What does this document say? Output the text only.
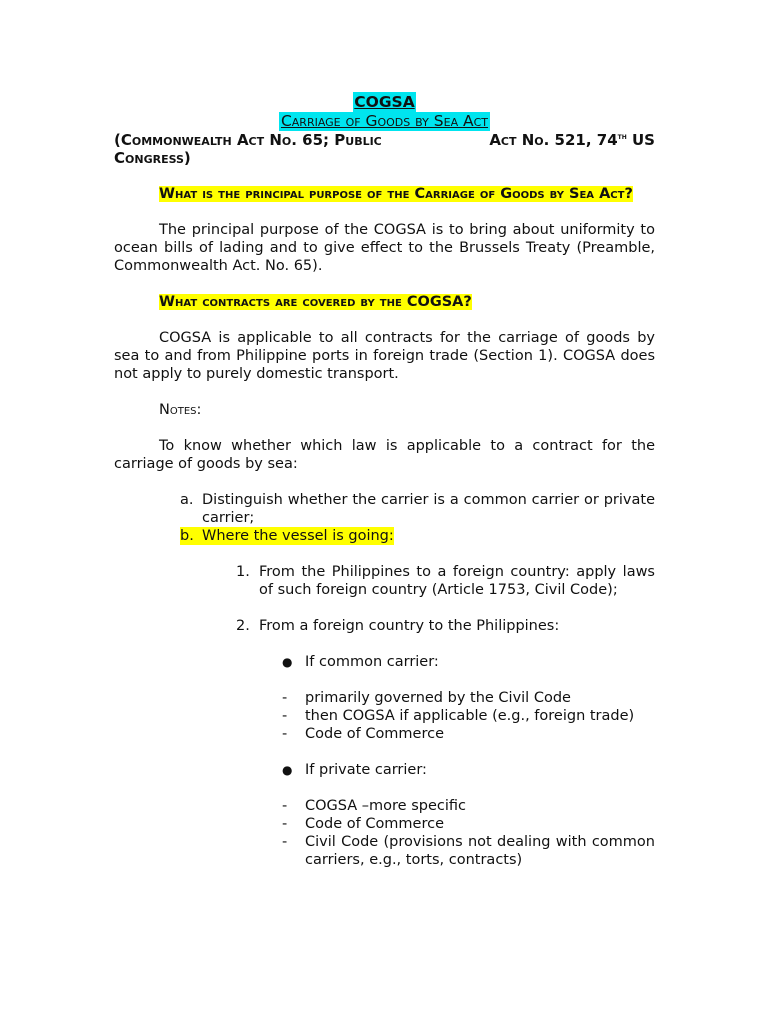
COGSA
Carriage of Goods by Sea Act
(Commonwealth Act No. 65; Public	Act No. 521, 74th US
Congress)
What is the principal purpose of the Carriage of Goods by Sea Act?
The principal purpose of the COGSA is to bring about uniformity to ocean bills of lading and to give effect to the Brussels Treaty (Preamble, Commonwealth Act. No. 65).
What contracts are covered by the COGSA?
COGSA is applicable to all contracts for the carriage of goods by sea to and from Philippine ports in foreign trade (Section 1). COGSA does not apply to purely domestic transport.
Notes:
To know whether which law is applicable to a contract for the carriage of goods by sea:
a. Distinguish whether the carrier is a common carrier or private carrier;
b. Where the vessel is going:
1. From the Philippines to a foreign country: apply laws of such foreign country (Article 1753, Civil Code);
2. From a foreign country to the Philippines:
● If common carrier:
-	primarily governed by the Civil Code
-	then COGSA if applicable (e.g., foreign trade)
-	Code of Commerce
● If private carrier:
-	COGSA –more specific
-	Code of Commerce
-	Civil Code (provisions not dealing with common carriers, e.g., torts, contracts)
